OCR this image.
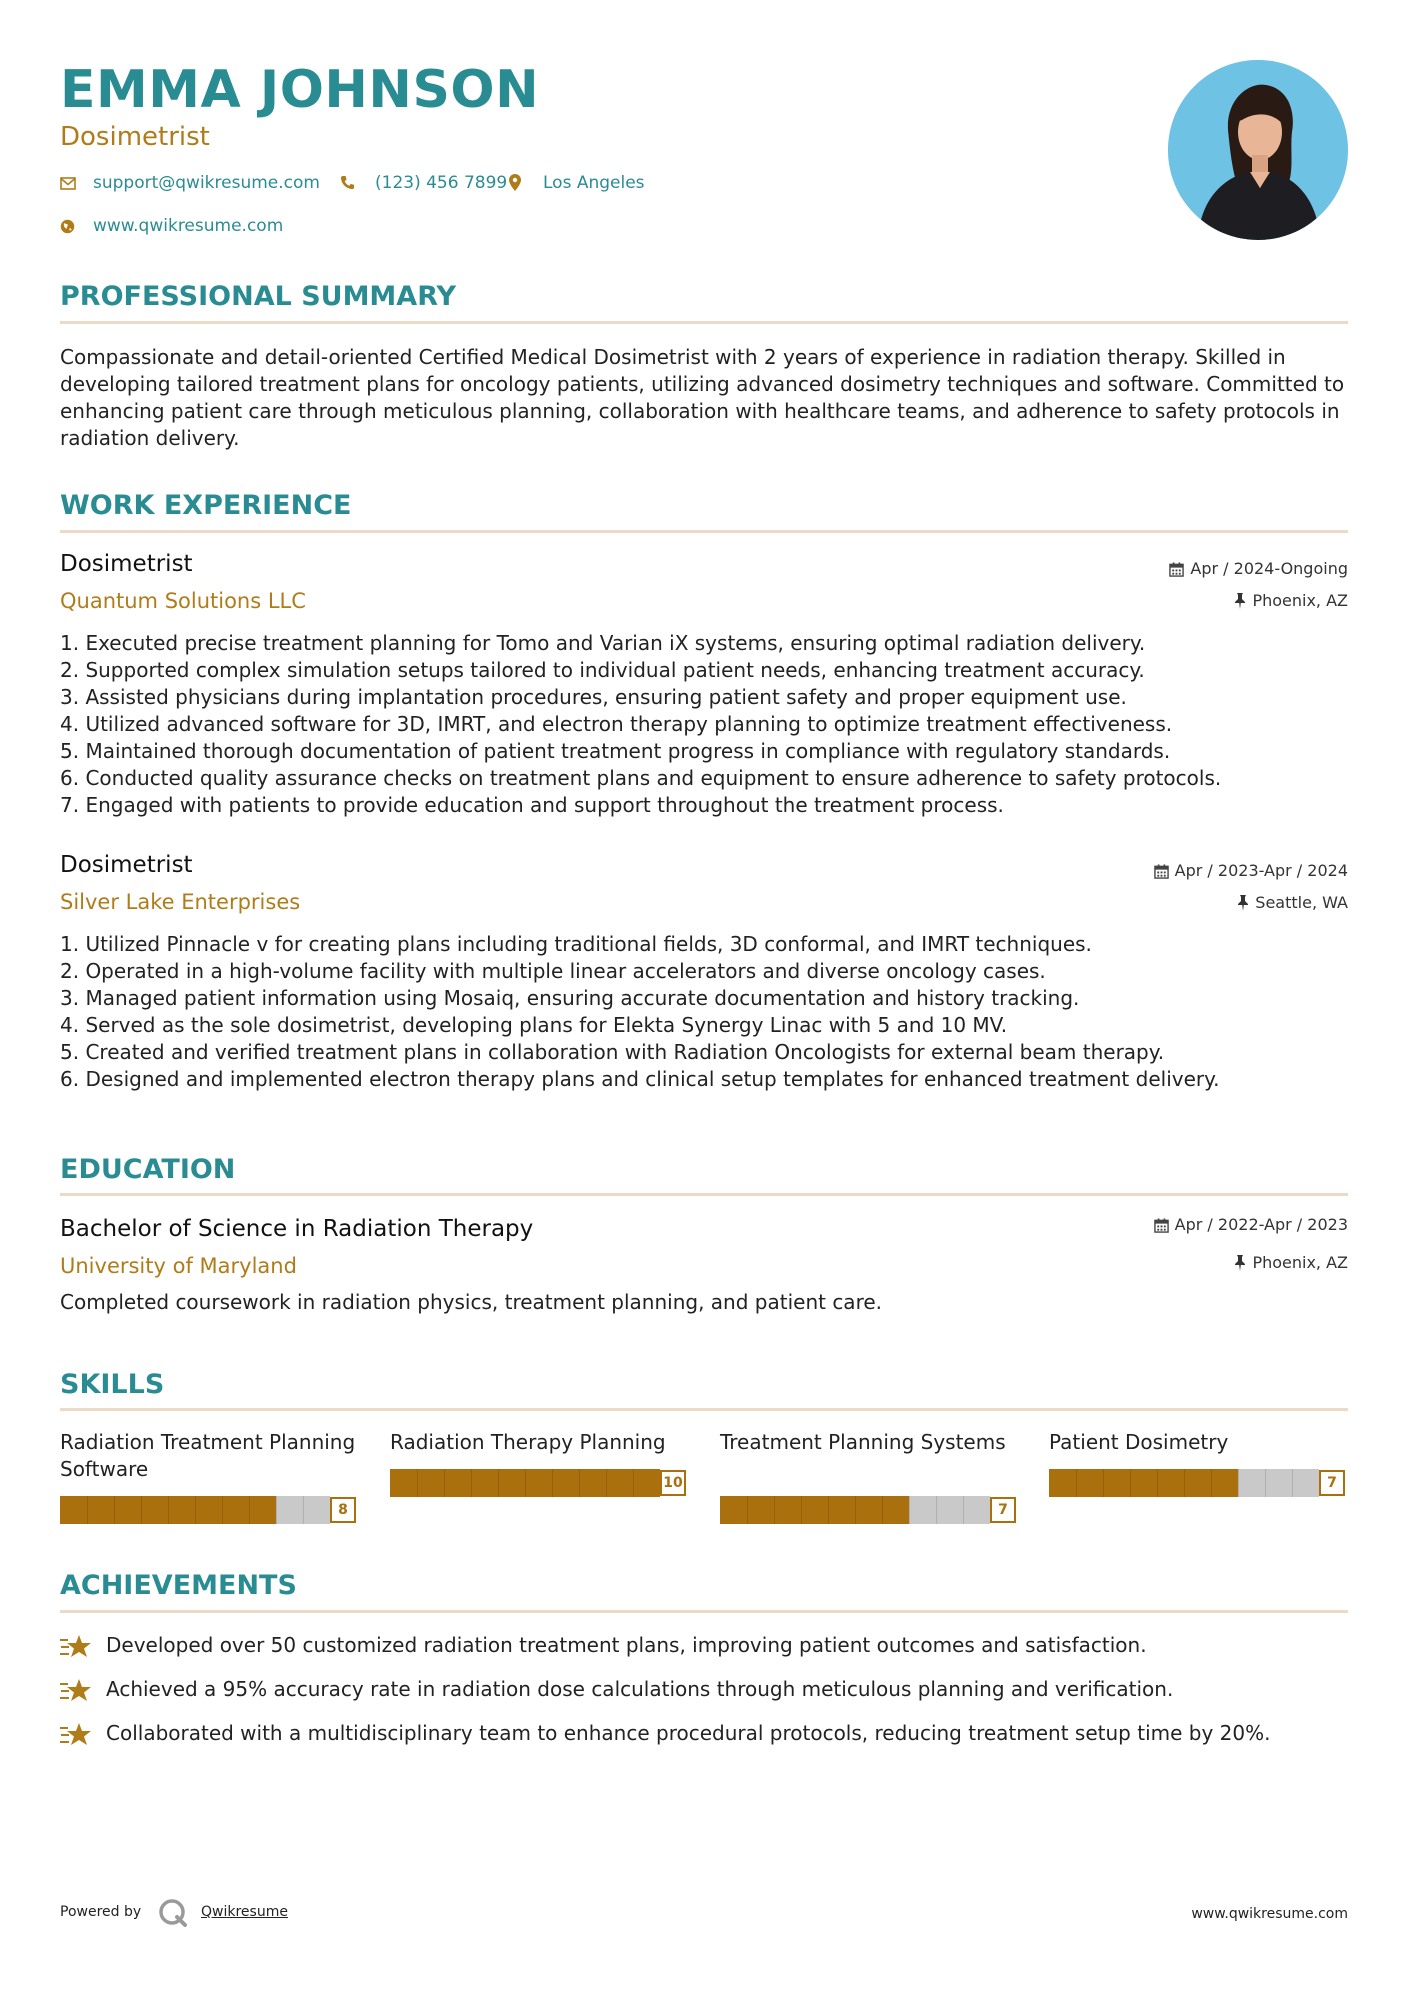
EMMA JOHNSON
Dosimetrist
support@qwikresume.com	(123) 456 7899 Los Angeles
www.qwikresume.com
PROFESSIONAL SUMMARY
Compassionate and detail-oriented Certified Medical Dosimetrist with 2 years of experience in radiation therapy. Skilled in developing tailored treatment plans for oncology patients, utilizing advanced dosimetry techniques and software. Committed to enhancing patient care through meticulous planning, collaboration with healthcare teams, and adherence to safety protocols in radiation delivery.
WORK EXPERIENCE
Dosimetrist
Quantum Solutions LLC
Apr / 2024-Ongoing
Phoenix, AZ
1. Executed precise treatment planning for Tomo and Varian iX systems, ensuring optimal radiation delivery.
2. Supported complex simulation setups tailored to individual patient needs, enhancing treatment accuracy.
3. Assisted physicians during implantation procedures, ensuring patient safety and proper equipment use.
4. Utilized advanced software for 3D, IMRT, and electron therapy planning to optimize treatment effectiveness.
5. Maintained thorough documentation of patient treatment progress in compliance with regulatory standards.
6. Conducted quality assurance checks on treatment plans and equipment to ensure adherence to safety protocols.
7. Engaged with patients to provide education and support throughout the treatment process.
Dosimetrist
Silver Lake Enterprises
Apr / 2023-Apr / 2024
Seattle, WA
1. Utilized Pinnacle v for creating plans including traditional fields, 3D conformal, and IMRT techniques.
2. Operated in a high-volume facility with multiple linear accelerators and diverse oncology cases.
3. Managed patient information using Mosaiq, ensuring accurate documentation and history tracking.
4. Served as the sole dosimetrist, developing plans for Elekta Synergy Linac with 5 and 10 MV.
5. Created and verified treatment plans in collaboration with Radiation Oncologists for external beam therapy.
6. Designed and implemented electron therapy plans and clinical setup templates for enhanced treatment delivery.
EDUCATION
Bachelor of Science in Radiation Therapy
University of Maryland
Apr / 2022-Apr / 2023
Phoenix, AZ
Completed coursework in radiation physics, treatment planning, and patient care.
SKILLS
Radiation Treatment Planning Software
8
Radiation Therapy Planning
10
Treatment Planning Systems
7
Patient Dosimetry
7
ACHIEVEMENTS
Developed over 50 customized radiation treatment plans, improving patient outcomes and satisfaction.
Achieved a 95% accuracy rate in radiation dose calculations through meticulous planning and verification.
Collaborated with a multidisciplinary team to enhance procedural protocols, reducing treatment setup time by 20%.
Powered by	Qwikresume	www.qwikresume.com
